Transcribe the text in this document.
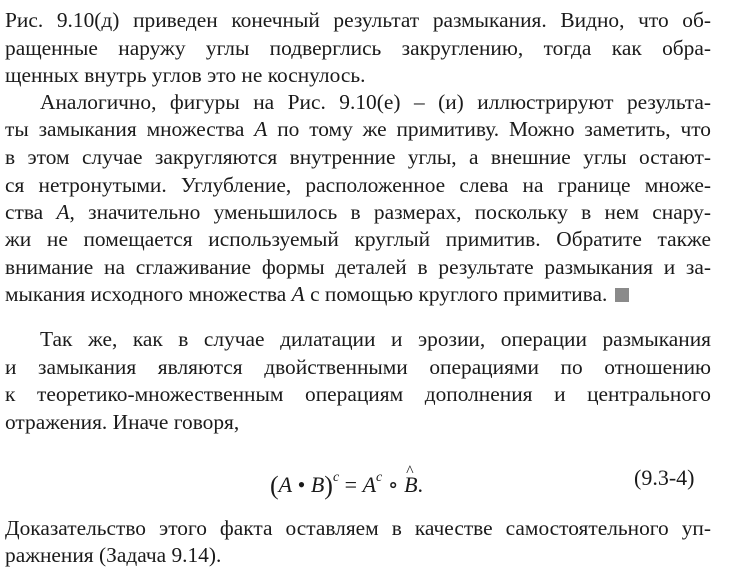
Рис. 9.10(д) приведен конечный результат размыкания. Видно, что об-
ращенные наружу углы подверглись закруглению, тогда как обра-
щенных внутрь углов это не коснулось.
Аналогично, фигуры на Рис. 9.10(е) – (и) иллюстрируют результа-
ты замыкания множества A по тому же примитиву. Можно заметить, что
в этом случае закругляются внутренние углы, а внешние углы остают-
ся нетронутыми. Углубление, расположенное слева на границе множе-
ства A, значительно уменьшилось в размерах, поскольку в нем снару-
жи не помещается используемый круглый примитив. Обратите также
внимание на сглаживание формы деталей в результате размыкания и за-
мыкания исходного множества A с помощью круглого примитива.
Так же, как в случае дилатации и эрозии, операции размыкания
и замыкания являются двойственными операциями по отношению
к теоретико-множественным операциям дополнения и центрального
отражения. Иначе говоря,
(A • $B)^c = A^c$ ∘ ^ B.	(9.3-4)
Доказательство этого факта оставляем в качестве самостоятельного уп-
ражнения (Задача 9.14).
